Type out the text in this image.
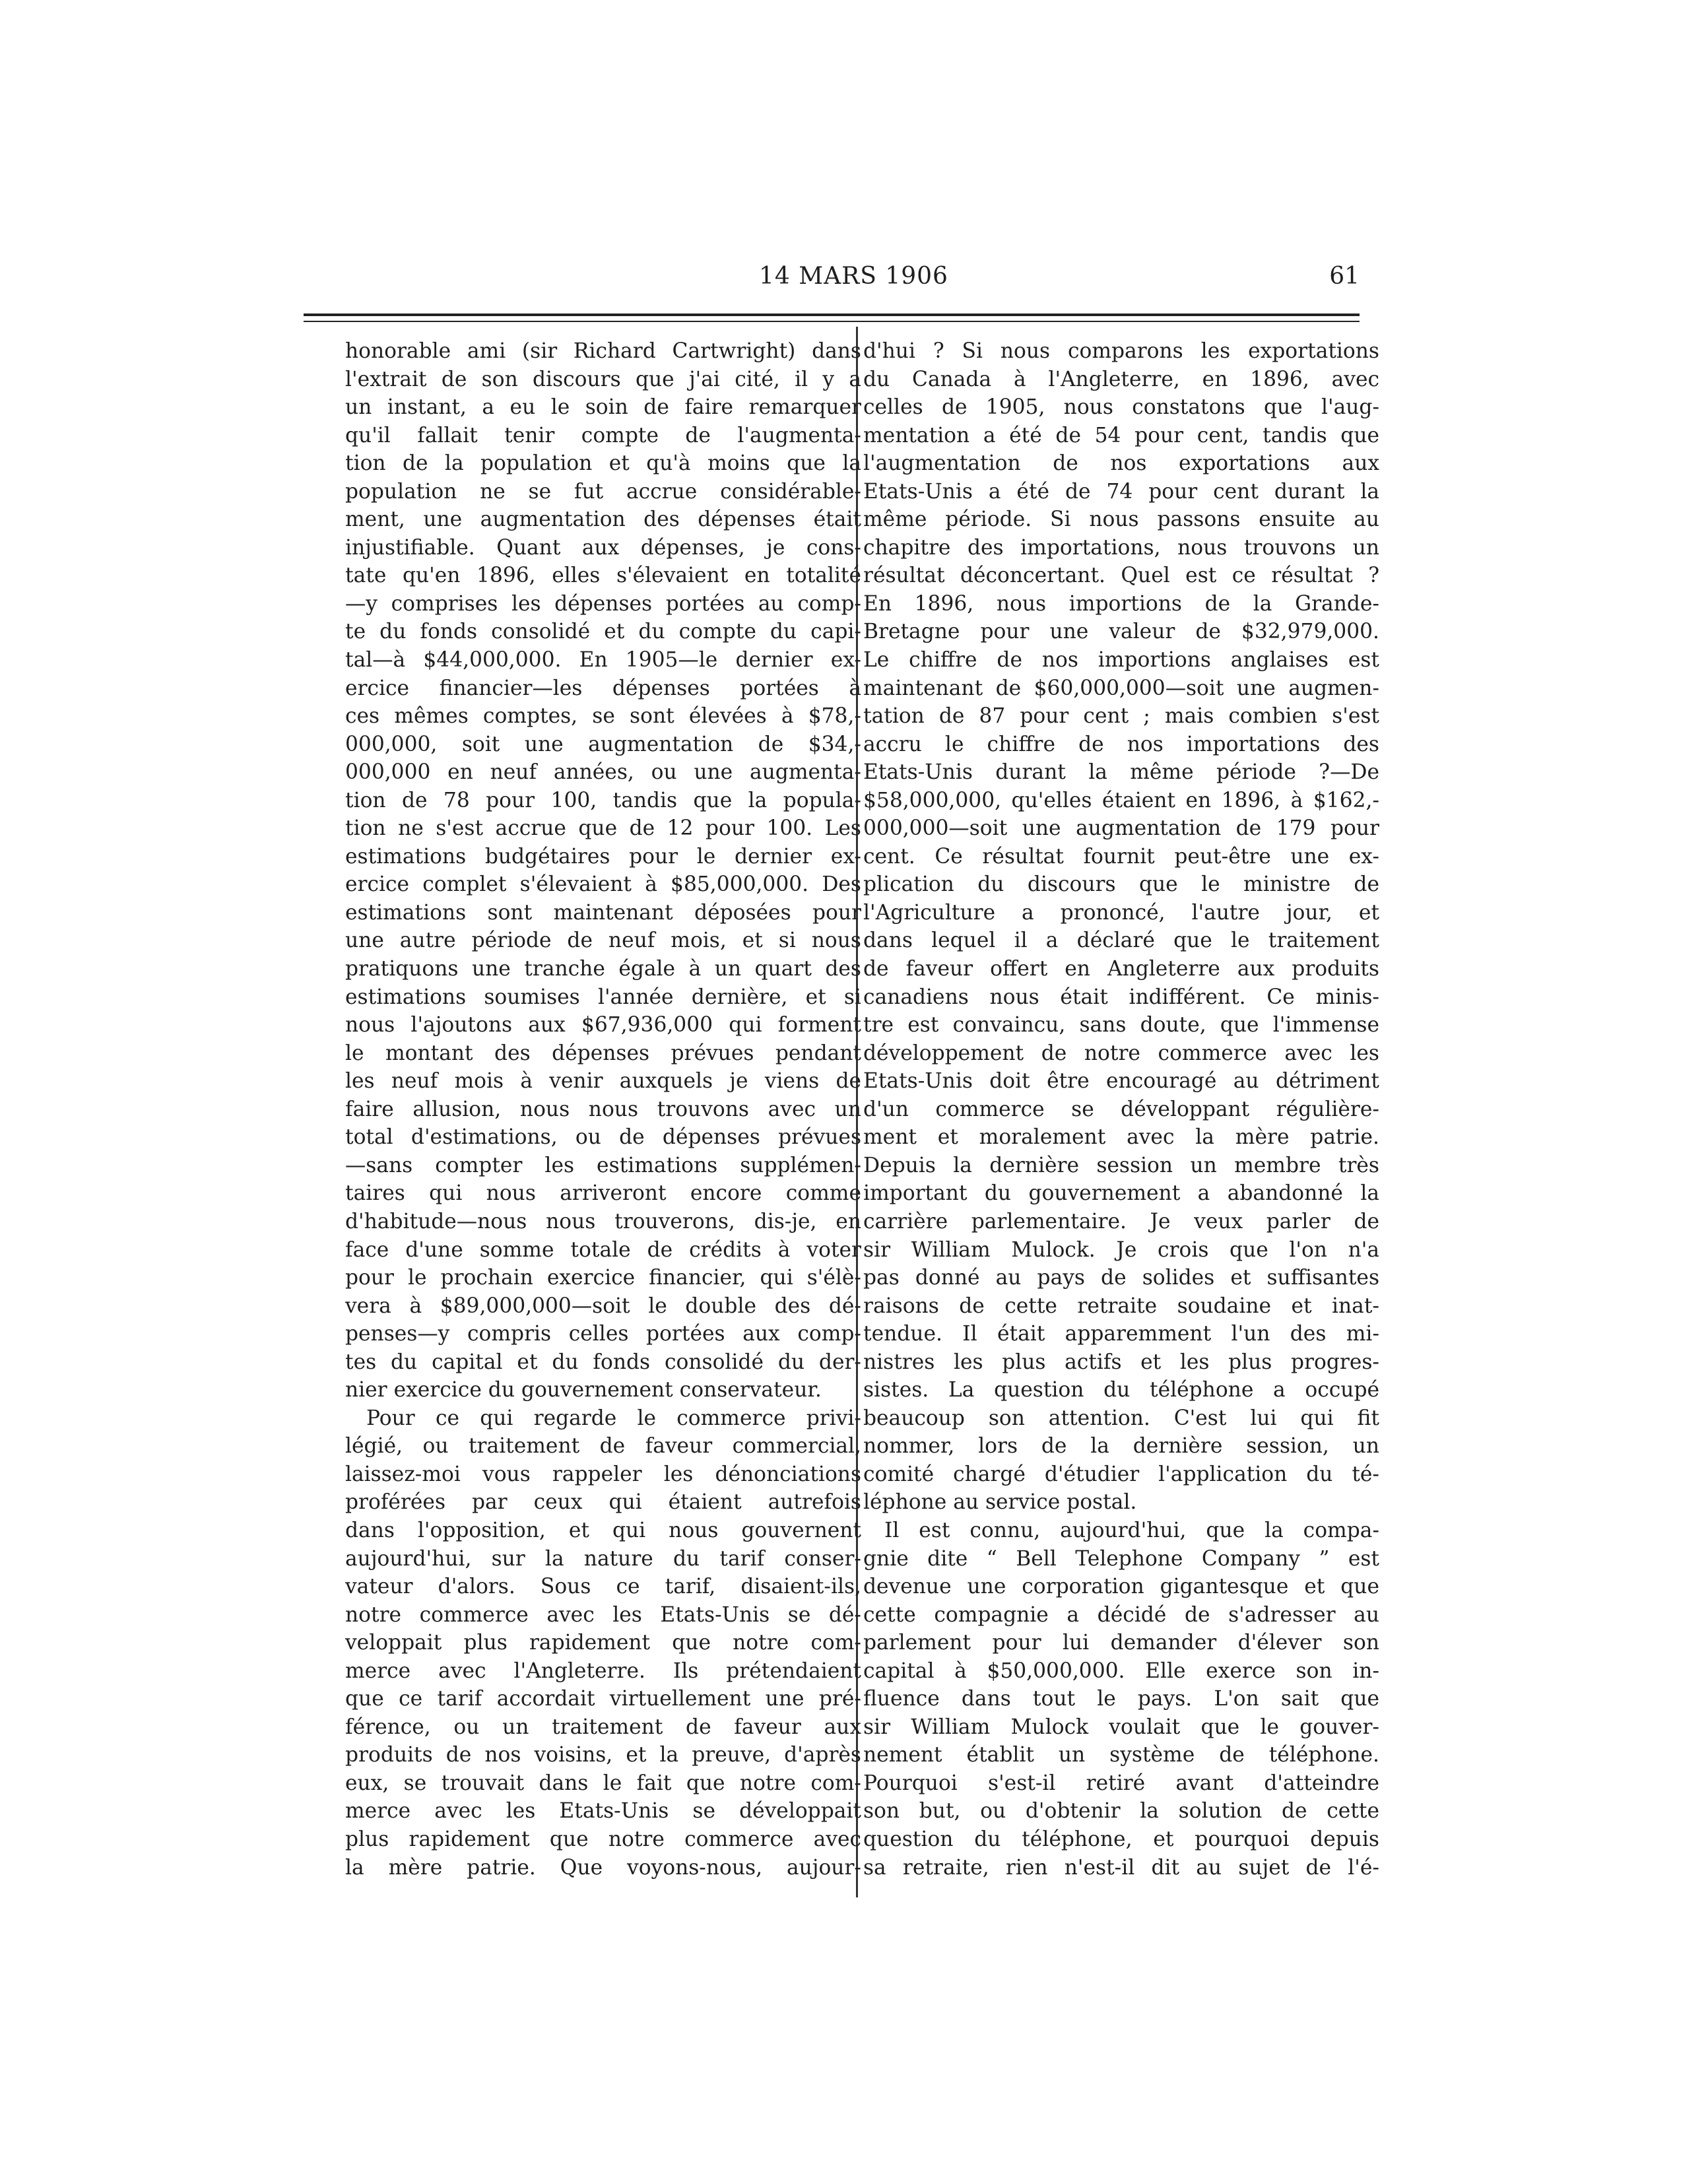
14 MARS 1906	61
honorable ami (sir Richard Cartwright) dans
l'extrait de son discours que j'ai cité, il y a
un instant, a eu le soin de faire remarquer
qu'il fallait tenir compte de l'augmenta-
tion de la population et qu'à moins que la
population ne se fut accrue considérable-
ment, une augmentation des dépenses était
injustifiable. Quant aux dépenses, je cons-
tate qu'en 1896, elles s'élevaient en totalité
—y comprises les dépenses portées au comp-
te du fonds consolidé et du compte du capi-
tal—à $44,000,000. En 1905—le dernier ex-
ercice financier—les dépenses portées à
ces mêmes comptes, se sont élevées à $78,-
000,000, soit une augmentation de $34,-
000,000 en neuf années, ou une augmenta-
tion de 78 pour 100, tandis que la popula-
tion ne s'est accrue que de 12 pour 100. Les
estimations budgétaires pour le dernier ex-
ercice complet s'élevaient à $85,000,000. Des
estimations sont maintenant déposées pour
une autre période de neuf mois, et si nous
pratiquons une tranche égale à un quart des
estimations soumises l'année dernière, et si
nous l'ajoutons aux $67,936,000 qui forment
le montant des dépenses prévues pendant
les neuf mois à venir auxquels je viens de
faire allusion, nous nous trouvons avec un
total d'estimations, ou de dépenses prévues
—sans compter les estimations supplémen-
taires qui nous arriveront encore comme
d'habitude—nous nous trouverons, dis-je, en
face d'une somme totale de crédits à voter
pour le prochain exercice financier, qui s'élè-
vera à $89,000,000—soit le double des dé-
penses—y compris celles portées aux comp-
tes du capital et du fonds consolidé du der-
nier exercice du gouvernement conservateur.
Pour ce qui regarde le commerce privi-
légié, ou traitement de faveur commercial,
laissez-moi vous rappeler les dénonciations
proférées par ceux qui étaient autrefois
dans l'opposition, et qui nous gouvernent
aujourd'hui, sur la nature du tarif conser-
vateur d'alors. Sous ce tarif, disaient-ils,
notre commerce avec les Etats-Unis se dé-
veloppait plus rapidement que notre com-
merce avec l'Angleterre. Ils prétendaient
que ce tarif accordait virtuellement une pré-
férence, ou un traitement de faveur aux
produits de nos voisins, et la preuve, d'après
eux, se trouvait dans le fait que notre com-
merce avec les Etats-Unis se développait
plus rapidement que notre commerce avec
la mère patrie. Que voyons-nous, aujour-
d'hui ? Si nous comparons les exportations
du Canada à l'Angleterre, en 1896, avec
celles de 1905, nous constatons que l'aug-
mentation a été de 54 pour cent, tandis que
l'augmentation de nos exportations aux
Etats-Unis a été de 74 pour cent durant la
même période. Si nous passons ensuite au
chapitre des importations, nous trouvons un
résultat déconcertant. Quel est ce résultat ?
En 1896, nous importions de la Grande-
Bretagne pour une valeur de $32,979,000.
Le chiffre de nos importions anglaises est
maintenant de $60,000,000—soit une augmen-
tation de 87 pour cent ; mais combien s'est
accru le chiffre de nos importations des
Etats-Unis durant la même période ?—De
$58,000,000, qu'elles étaient en 1896, à $162,-
000,000—soit une augmentation de 179 pour
cent. Ce résultat fournit peut-être une ex-
plication du discours que le ministre de
l'Agriculture a prononcé, l'autre jour, et
dans lequel il a déclaré que le traitement
de faveur offert en Angleterre aux produits
canadiens nous était indifférent. Ce minis-
tre est convaincu, sans doute, que l'immense
développement de notre commerce avec les
Etats-Unis doit être encouragé au détriment
d'un commerce se développant régulière-
ment et moralement avec la mère patrie.
Depuis la dernière session un membre très
important du gouvernement a abandonné la
carrière parlementaire. Je veux parler de
sir William Mulock. Je crois que l'on n'a
pas donné au pays de solides et suffisantes
raisons de cette retraite soudaine et inat-
tendue. Il était apparemment l'un des mi-
nistres les plus actifs et les plus progres-
sistes. La question du téléphone a occupé
beaucoup son attention. C'est lui qui fit
nommer, lors de la dernière session, un
comité chargé d'étudier l'application du té-
léphone au service postal.
Il est connu, aujourd'hui, que la compa-
gnie dite “ Bell Telephone Company ” est
devenue une corporation gigantesque et que
cette compagnie a décidé de s'adresser au
parlement pour lui demander d'élever son
capital à $50,000,000. Elle exerce son in-
fluence dans tout le pays. L'on sait que
sir William Mulock voulait que le gouver-
nement établit un système de téléphone.
Pourquoi s'est-il retiré avant d'atteindre
son but, ou d'obtenir la solution de cette
question du téléphone, et pourquoi depuis
sa retraite, rien n'est-il dit au sujet de l'é-
